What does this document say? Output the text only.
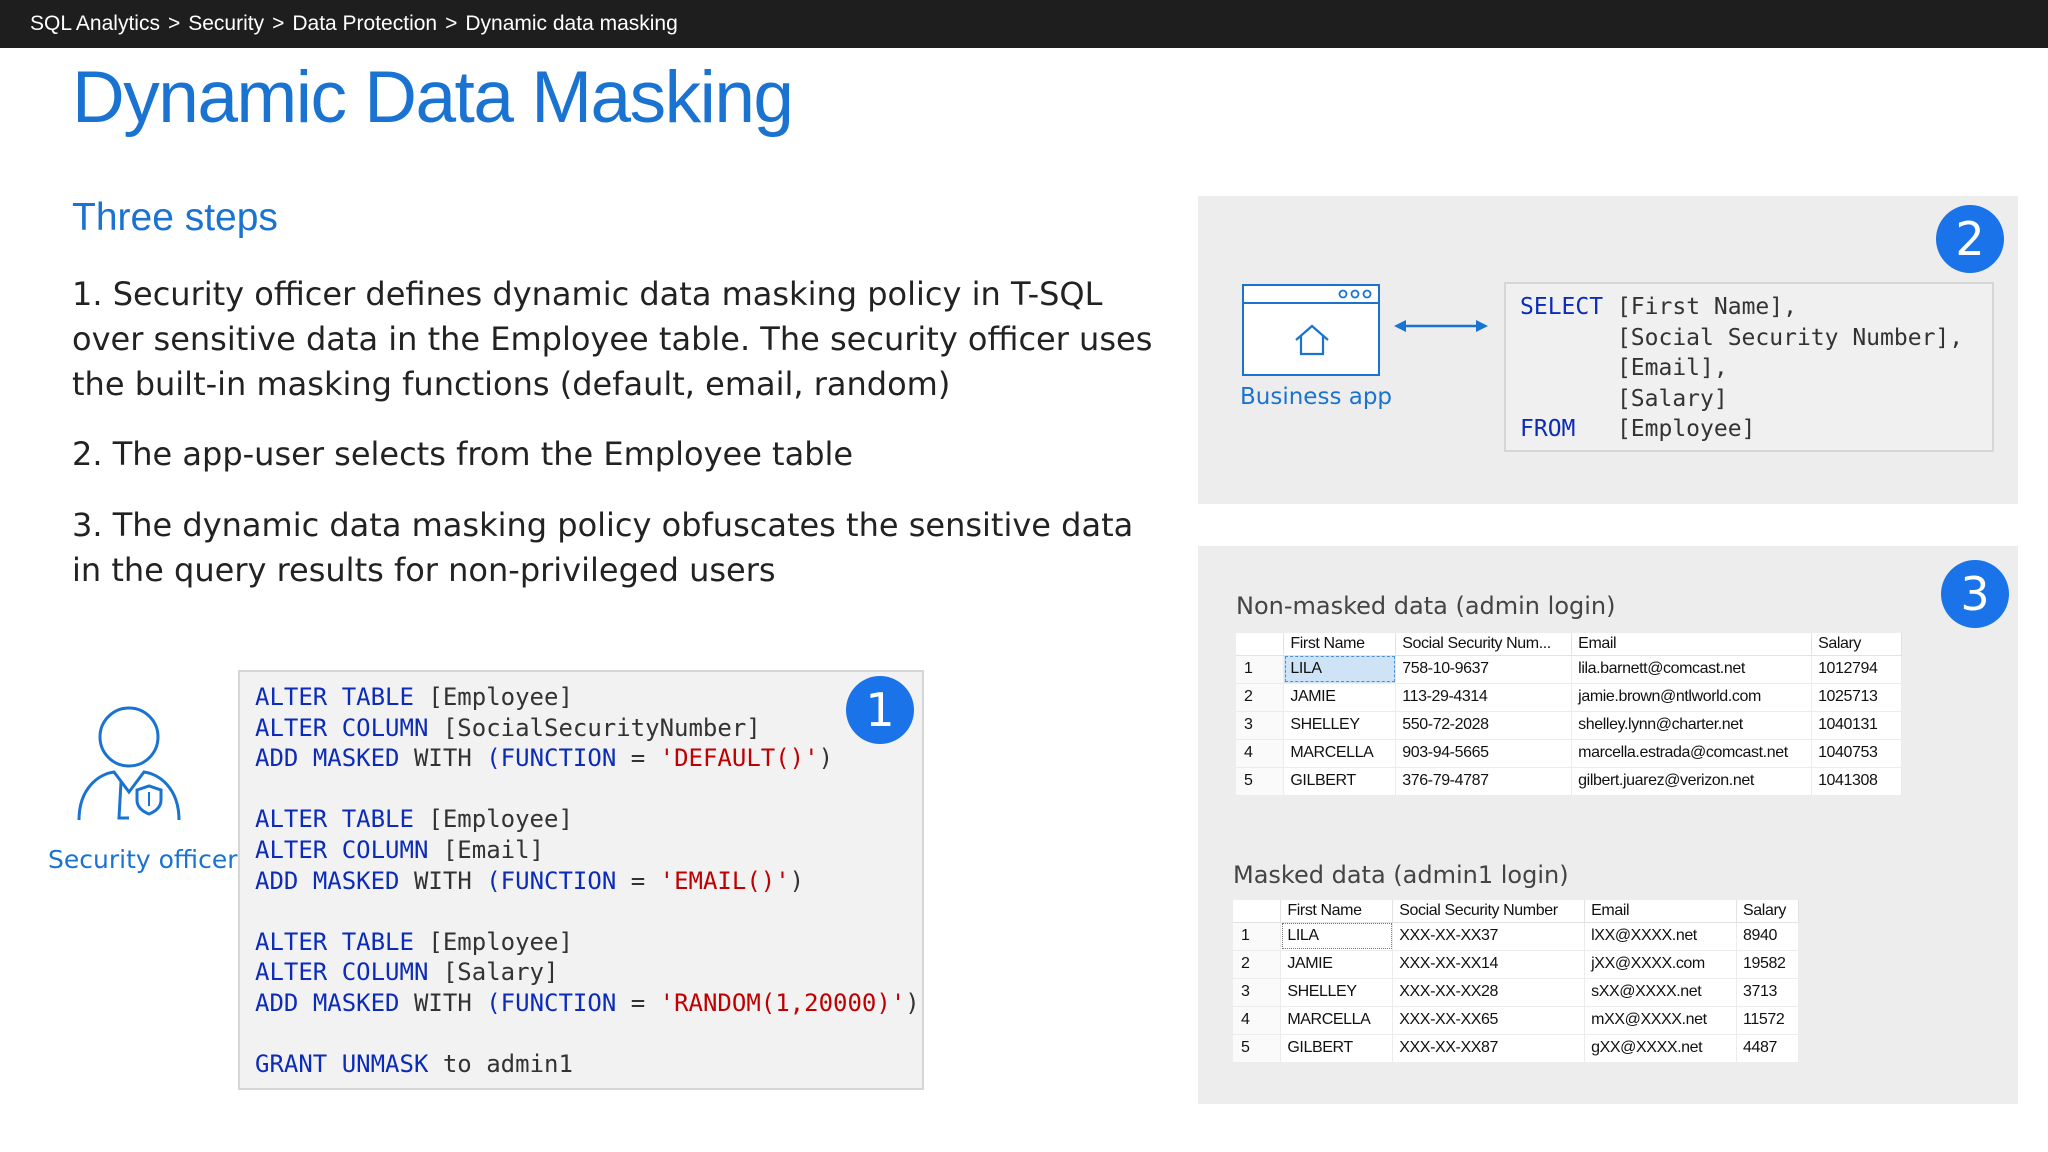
SQL Analytics > Security > Data Protection > Dynamic data masking
Dynamic Data Masking
Three steps
1. Security officer defines dynamic data masking policy in T-SQL
over sensitive data in the Employee table. The security officer uses
the built-in masking functions (default, email, random)
2. The app-user selects from the Employee table
3. The dynamic data masking policy obfuscates the sensitive data
in the query results for non-privileged users
Security officer
ALTER TABLE [Employee]
ALTER COLUMN [SocialSecurityNumber]
ADD MASKED WITH (FUNCTION = 'DEFAULT()')
ALTER TABLE [Employee]
ALTER COLUMN [Email]
ADD MASKED WITH (FUNCTION = 'EMAIL()')
ALTER TABLE [Employee]
ALTER COLUMN [Salary]
ADD MASKED WITH (FUNCTION = 'RANDOM(1,20000)')
GRANT UNMASK to admin1
1
Business app
SELECT [First Name],
[Social Security Number],
[Email],
[Salary]
FROM [Employee]
2
3
Non-masked data (admin login)
	First Name	Social Security Num...	Email	Salary
1	LILA	758-10-9637	lila.barnett@comcast.net	1012794
2	JAMIE	113-29-4314	jamie.brown@ntlworld.com	1025713
3	SHELLEY	550-72-2028	shelley.lynn@charter.net	1040131
4	MARCELLA	903-94-5665	marcella.estrada@comcast.net	1040753
5	GILBERT	376-79-4787	gilbert.juarez@verizon.net	1041308
Masked data (admin1 login)
	First Name	Social Security Number	Email	Salary
1	LILA	XXX-XX-XX37	lXX@XXXX.net	8940
2	JAMIE	XXX-XX-XX14	jXX@XXXX.com	19582
3	SHELLEY	XXX-XX-XX28	sXX@XXXX.net	3713
4	MARCELLA	XXX-XX-XX65	mXX@XXXX.net	11572
5	GILBERT	XXX-XX-XX87	gXX@XXXX.net	4487
